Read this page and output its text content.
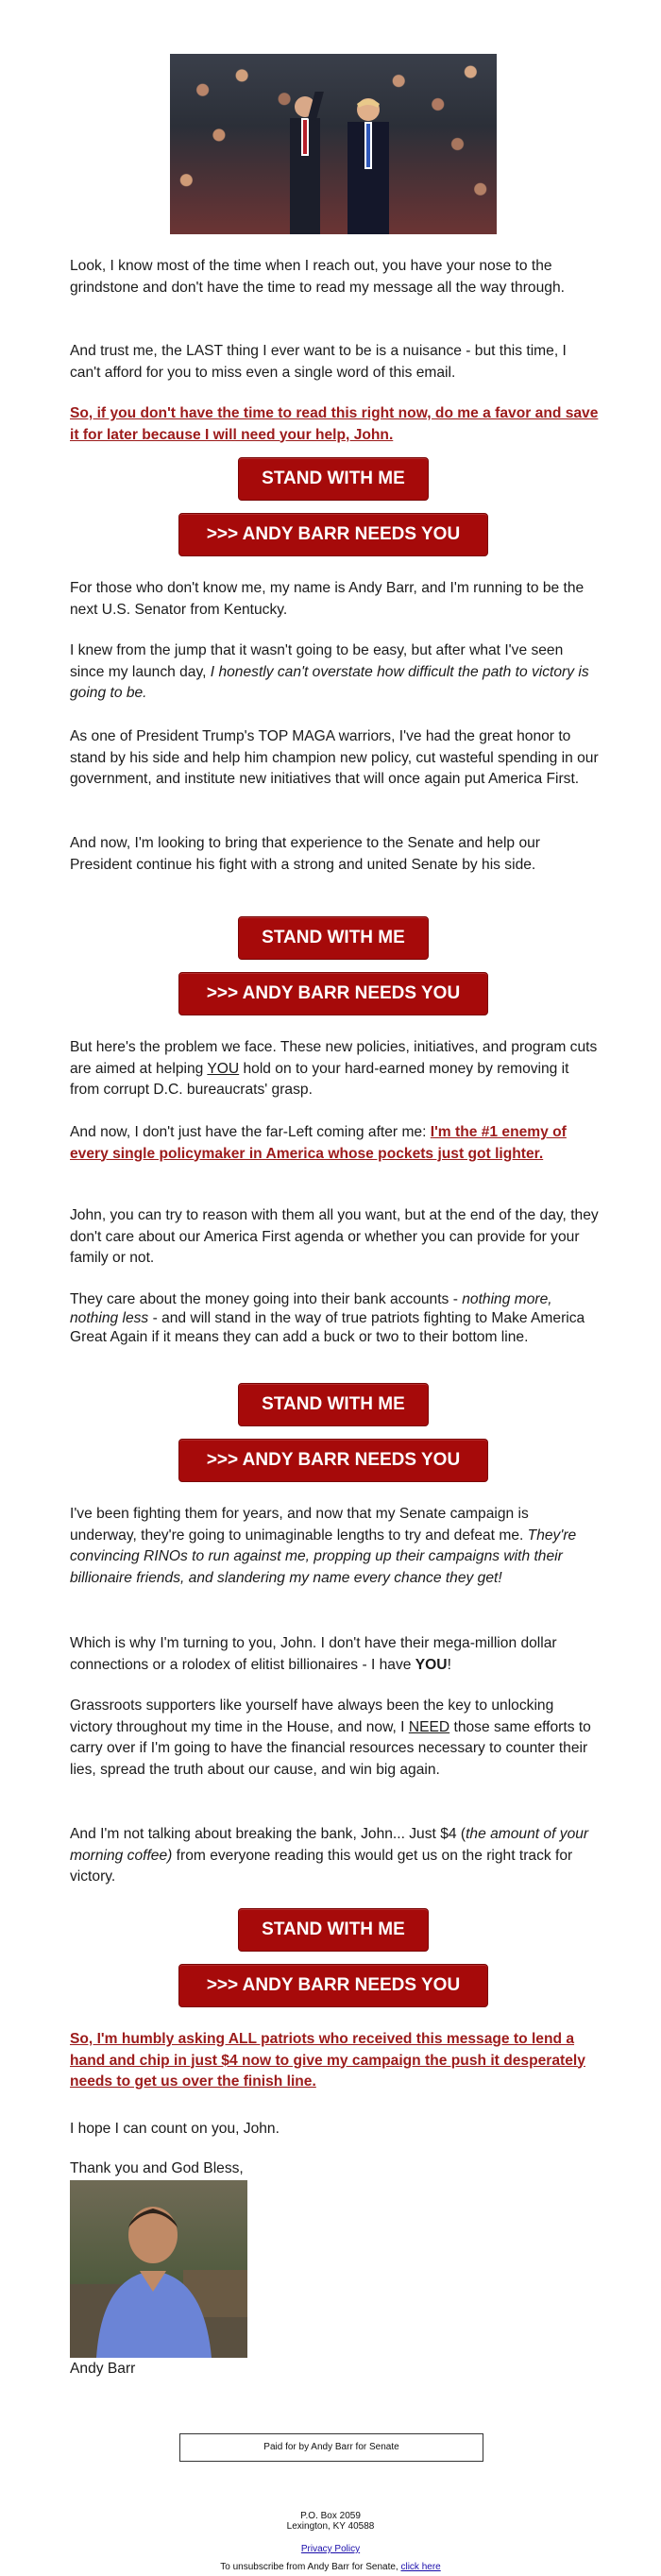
Look, I know most of the time when I reach out, you have your nose to the grindstone and don't have the time to read my message all the way through.

And trust me, the LAST thing I ever want to be is a nuisance - but this time, I can't afford for you to miss even a single word of this email.

So, if you don't have the time to read this right now, do me a favor and save it for later because I will need your help, John.

STAND WITH ME
>>> ANDY BARR NEEDS YOU

For those who don't know me, my name is Andy Barr, and I'm running to be the next U.S. Senator from Kentucky.

I knew from the jump that it wasn't going to be easy, but after what I've seen since my launch day, I honestly can't overstate how difficult the path to victory is going to be.

As one of President Trump's TOP MAGA warriors, I've had the great honor to stand by his side and help him champion new policy, cut wasteful spending in our government, and institute new initiatives that will once again put America First.

And now, I'm looking to bring that experience to the Senate and help our President continue his fight with a strong and united Senate by his side.

STAND WITH ME
>>> ANDY BARR NEEDS YOU

But here's the problem we face. These new policies, initiatives, and program cuts are aimed at helping YOU hold on to your hard-earned money by removing it from corrupt D.C. bureaucrats' grasp.

And now, I don't just have the far-Left coming after me: I'm the #1 enemy of every single policymaker in America whose pockets just got lighter.

John, you can try to reason with them all you want, but at the end of the day, they don't care about our America First agenda or whether you can provide for your family or not.

They care about the money going into their bank accounts - nothing more, nothing less - and will stand in the way of true patriots fighting to Make America Great Again if it means they can add a buck or two to their bottom line.

STAND WITH ME
>>> ANDY BARR NEEDS YOU

I've been fighting them for years, and now that my Senate campaign is underway, they're going to unimaginable lengths to try and defeat me. They're convincing RINOs to run against me, propping up their campaigns with their billionaire friends, and slandering my name every chance they get!

Which is why I'm turning to you, John. I don't have their mega-million dollar connections or a rolodex of elitist billionaires - I have YOU!

Grassroots supporters like yourself have always been the key to unlocking victory throughout my time in the House, and now, I NEED those same efforts to carry over if I'm going to have the financial resources necessary to counter their lies, spread the truth about our cause, and win big again.

And I'm not talking about breaking the bank, John... Just $4 (the amount of your morning coffee) from everyone reading this would get us on the right track for victory.

STAND WITH ME
>>> ANDY BARR NEEDS YOU

So, I'm humbly asking ALL patriots who received this message to lend a hand and chip in just $4 now to give my campaign the push it desperately needs to get us over the finish line.

I hope I can count on you, John.

Thank you and God Bless,

Andy Barr

Paid for by Andy Barr for Senate

P.O. Box 2059

Lexington, KY 40588

Privacy Policy

To unsubscribe from Andy Barr for Senate, click here
